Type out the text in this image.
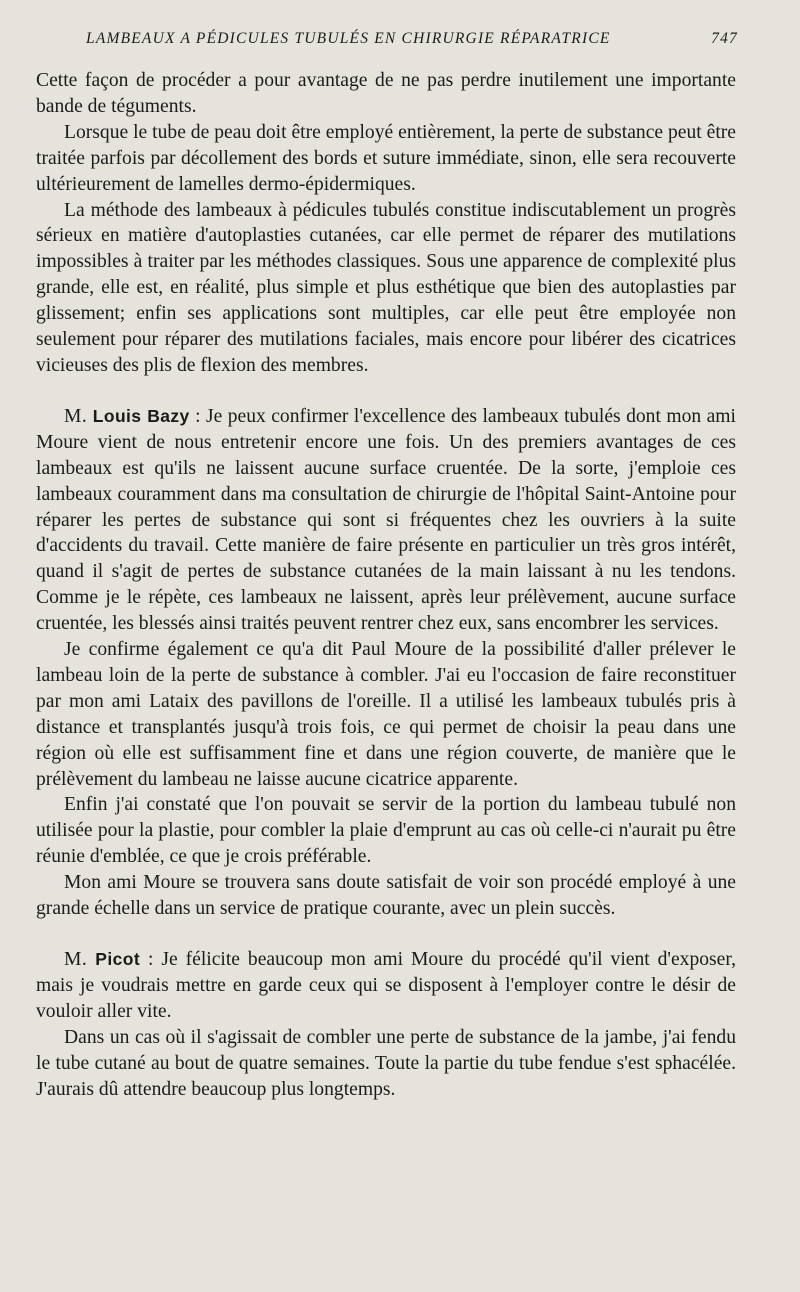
LAMBEAUX A PÉDICULES TUBULÉS EN CHIRURGIE RÉPARATRICE	747

Cette façon de procéder a pour avantage de ne pas perdre inutilement une importante bande de téguments.

Lorsque le tube de peau doit être employé entièrement, la perte de substance peut être traitée parfois par décollement des bords et suture immédiate, sinon, elle sera recouverte ultérieurement de lamelles dermo-épidermiques.

La méthode des lambeaux à pédicules tubulés constitue indiscutablement un progrès sérieux en matière d'autoplasties cutanées, car elle permet de réparer des mutilations impossibles à traiter par les méthodes classiques. Sous une apparence de complexité plus grande, elle est, en réalité, plus simple et plus esthétique que bien des autoplasties par glissement; enfin ses applications sont multiples, car elle peut être employée non seulement pour réparer des mutilations faciales, mais encore pour libérer des cicatrices vicieuses des plis de flexion des membres.

M. Louis Bazy : Je peux confirmer l'excellence des lambeaux tubulés dont mon ami Moure vient de nous entretenir encore une fois. Un des premiers avantages de ces lambeaux est qu'ils ne laissent aucune surface cruentée. De la sorte, j'emploie ces lambeaux couramment dans ma consultation de chirurgie de l'hôpital Saint-Antoine pour réparer les pertes de substance qui sont si fréquentes chez les ouvriers à la suite d'accidents du travail. Cette manière de faire présente en particulier un très gros intérêt, quand il s'agit de pertes de substance cutanées de la main laissant à nu les tendons. Comme je le répète, ces lambeaux ne laissent, après leur prélèvement, aucune surface cruentée, les blessés ainsi traités peuvent rentrer chez eux, sans encombrer les services.

Je confirme également ce qu'a dit Paul Moure de la possibilité d'aller prélever le lambeau loin de la perte de substance à combler. J'ai eu l'occasion de faire reconstituer par mon ami Lataix des pavillons de l'oreille. Il a utilisé les lambeaux tubulés pris à distance et transplantés jusqu'à trois fois, ce qui permet de choisir la peau dans une région où elle est suffisamment fine et dans une région couverte, de manière que le prélèvement du lambeau ne laisse aucune cicatrice apparente.

Enfin j'ai constaté que l'on pouvait se servir de la portion du lambeau tubulé non utilisée pour la plastie, pour combler la plaie d'emprunt au cas où celle-ci n'aurait pu être réunie d'emblée, ce que je crois préférable.

Mon ami Moure se trouvera sans doute satisfait de voir son procédé employé à une grande échelle dans un service de pratique courante, avec un plein succès.

M. Picot : Je félicite beaucoup mon ami Moure du procédé qu'il vient d'exposer, mais je voudrais mettre en garde ceux qui se disposent à l'employer contre le désir de vouloir aller vite.

Dans un cas où il s'agissait de combler une perte de substance de la jambe, j'ai fendu le tube cutané au bout de quatre semaines. Toute la partie du tube fendue s'est sphacélée. J'aurais dû attendre beaucoup plus longtemps.
